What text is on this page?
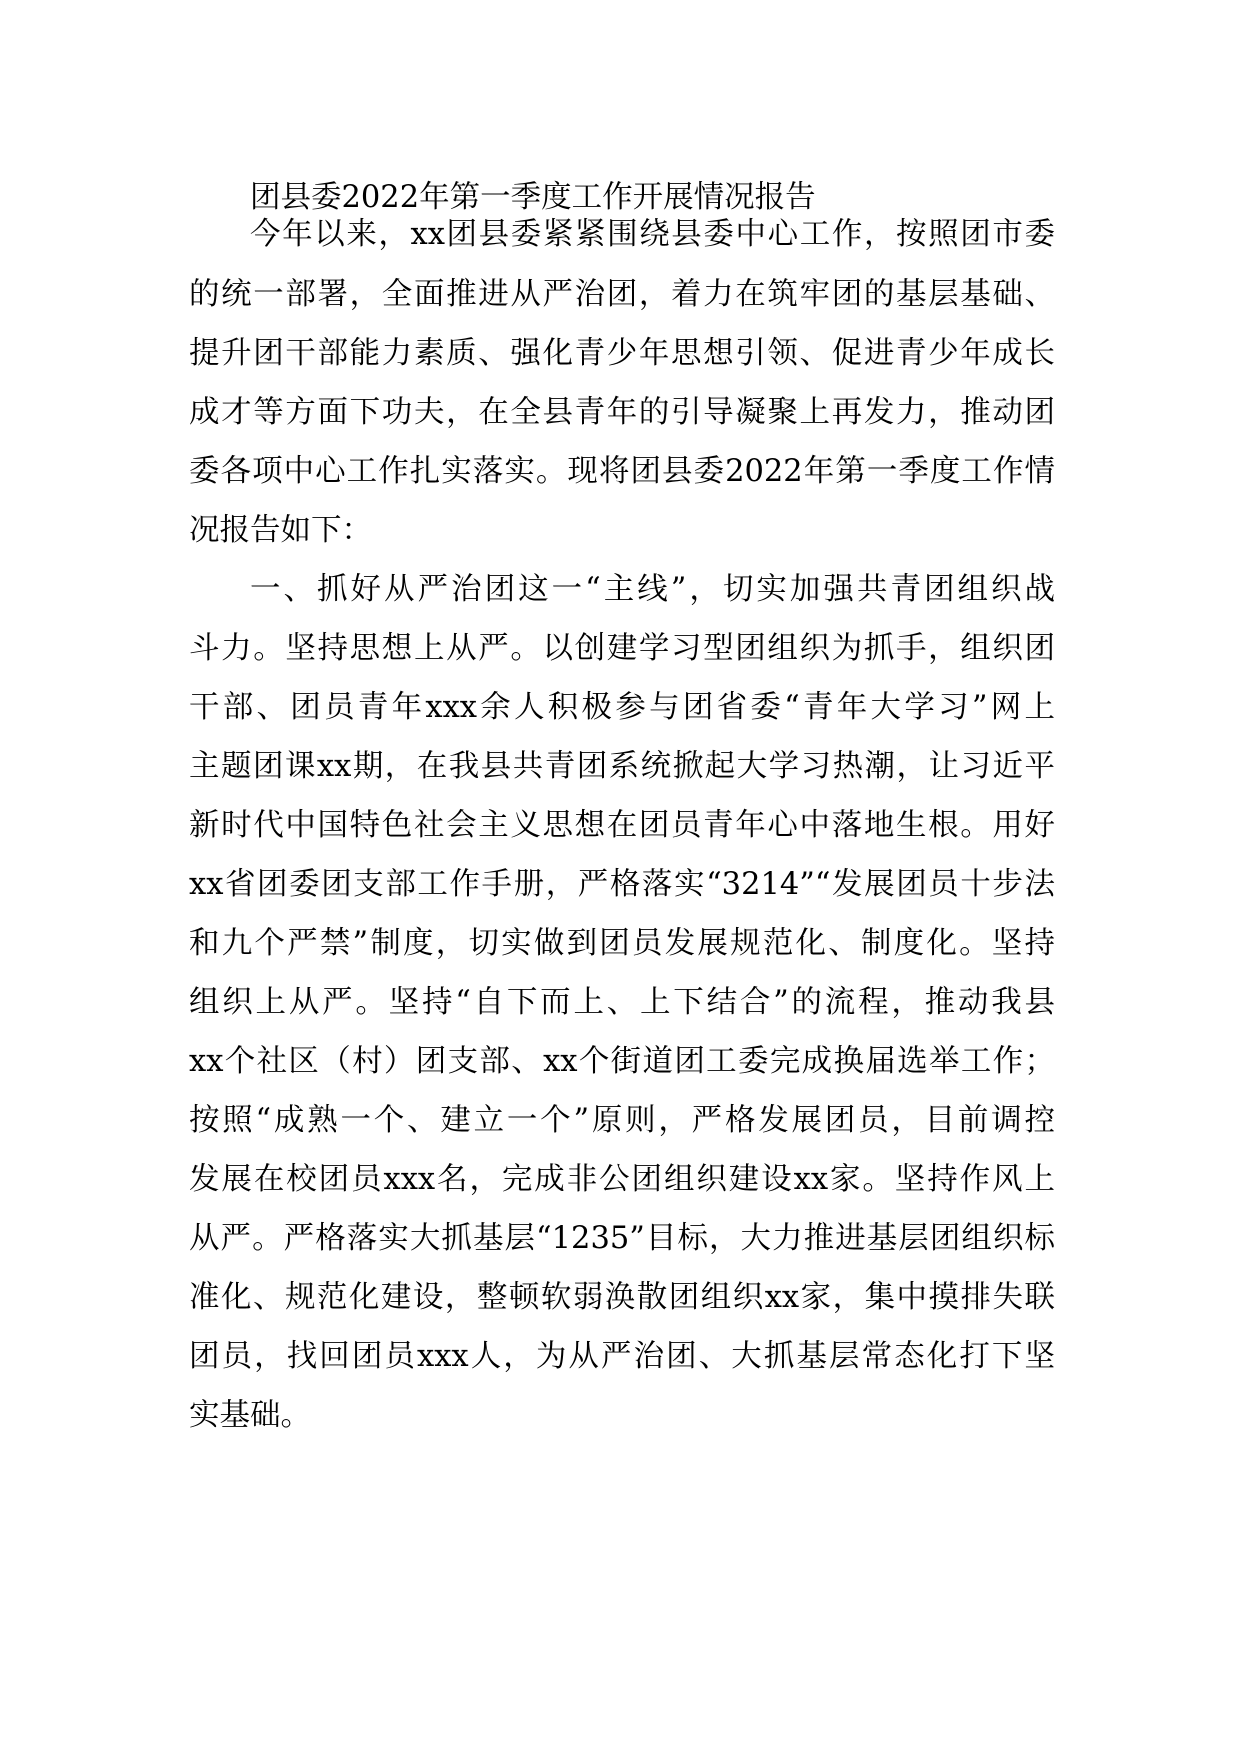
团县委2022年第一季度工作开展情况报告
今年以来，xx团县委紧紧围绕县委中心工作，按照团市委
的统一部署，全面推进从严治团，着力在筑牢团的基层基础、
提升团干部能力素质、强化青少年思想引领、促进青少年成长
成才等方面下功夫，在全县青年的引导凝聚上再发力，推动团
委各项中心工作扎实落实。现将团县委2022年第一季度工作情
况报告如下：
一、抓好从严治团这一“主线”，切实加强共青团组织战
斗力。坚持思想上从严。以创建学习型团组织为抓手，组织团
干部、团员青年xxx余人积极参与团省委“青年大学习”网上
主题团课xx期，在我县共青团系统掀起大学习热潮，让习近平
新时代中国特色社会主义思想在团员青年心中落地生根。用好
xx省团委团支部工作手册，严格落实“3214”“发展团员十步法
和九个严禁”制度，切实做到团员发展规范化、制度化。坚持
组织上从严。坚持“自下而上、上下结合”的流程，推动我县
xx个社区（村）团支部、xx个街道团工委完成换届选举工作；
按照“成熟一个、建立一个”原则，严格发展团员，目前调控
发展在校团员xxx名，完成非公团组织建设xx家。坚持作风上
从严。严格落实大抓基层“1235”目标，大力推进基层团组织标
准化、规范化建设，整顿软弱涣散团组织xx家，集中摸排失联
团员，找回团员xxx人，为从严治团、大抓基层常态化打下坚
实基础。
